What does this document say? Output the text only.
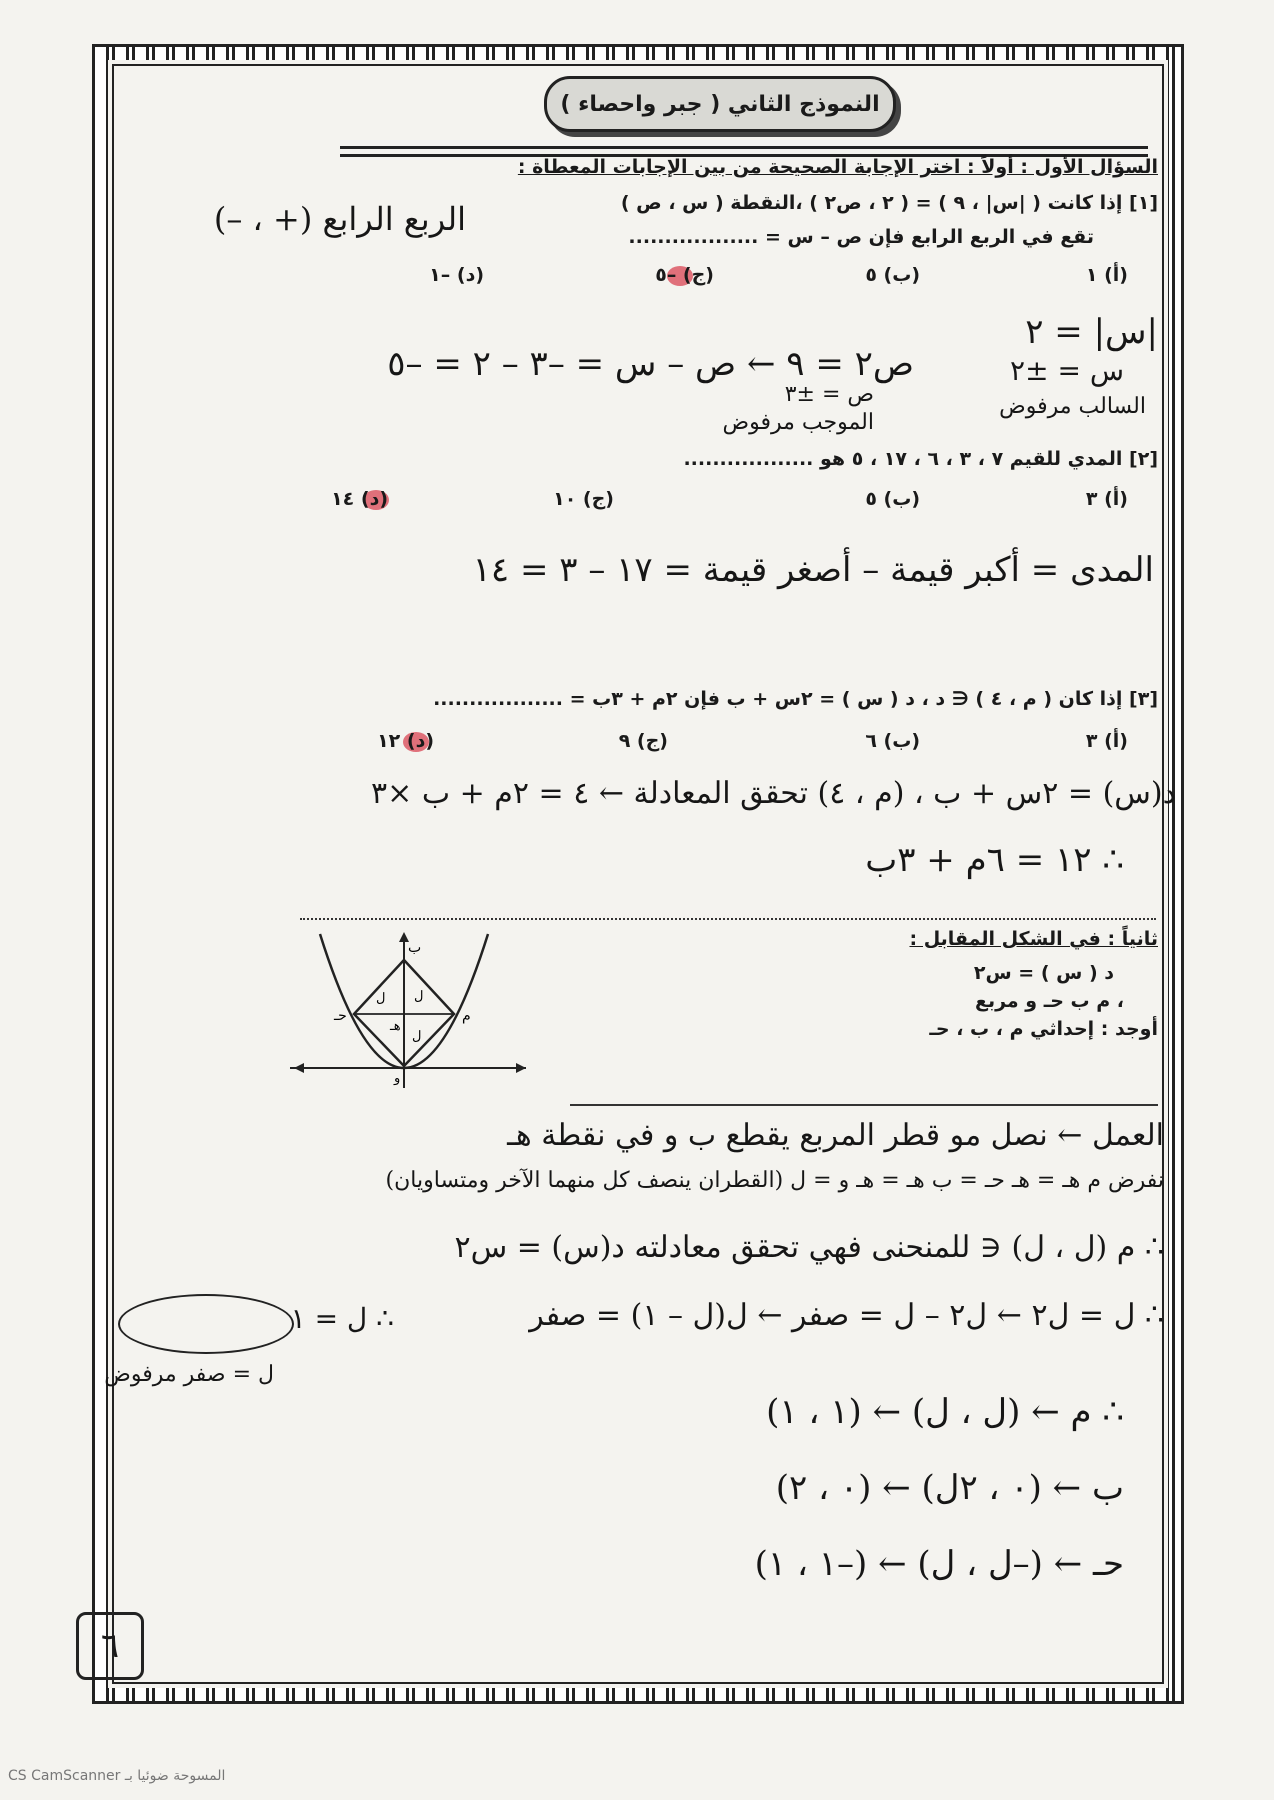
النموذج الثاني ( جبر واحصاء )
السؤال الأول : أولاً : اختر الإجابة الصحيحة من بين الإجابات المعطاة :
[١] إذا كانت ( |س| ، ٩ ) = ( ٢ ، ص٢ ) ،النقطة ( س ، ص )
تقع في الربع الرابع فإن ص – س = ..................
الربع الرابع (+ ، –)
(أ) ١
(ب) ٥
(ج) –٥
(د) –١
|س| = ٢
ص٢ = ٩ ← ص – س = –٣ – ٢ = –٥	س = ±٢
السالب مرفوض
ص = ±٣
الموجب مرفوض
[٢] المدي للقيم ٧ ، ٣ ، ٦ ، ١٧ ، ٥ هو ..................
(أ) ٣
(ب) ٥
(ج) ١٠
(د) ١٤
المدى = أكبر قيمة – أصغر قيمة = ١٧ – ٣ = ١٤
[٣] إذا كان ( م ، ٤ ) ∈ د ، د ( س ) = ٢س + ب فإن ٢م + ٣ب = ..................
(أ) ٣
(ب) ٦
(ج) ٩
(د) ١٢
د(س) = ٢س + ب ، (م ، ٤) تحقق المعادلة ← ٤ = ٢م + ب ×٣
∴ ١٢ = ٦م + ٣ب
ثانياً : في الشكل المقابل :
د ( س ) = س٢
، م ب حـ و مربع
أوجد : إحداثي م ، ب ، حـ
ب
م
حـ
هـ
ل
ل
ل
و
العمل ← نصل مو قطر المربع يقطع ب و في نقطة هـ
نفرض م هـ = هـ حـ = ب هـ = هـ و = ل (القطران ينصف كل منهما الآخر ومتساويان)
∴ م (ل ، ل) ∈ للمنحنى فهي تحقق معادلته د(س) = س٢
∴ ل = ل٢ ← ل٢ – ل = صفر ← ل(ل – ١) = صفر
∴ ل = ١
ل = صفر مرفوض
∴ م ← (ل ، ل) ← (١ ، ١)
ب ← (٠ ، ٢ل) ← (٠ ، ٢)
حـ ← (–ل ، ل) ← (–١ ، ١)
٦
CS CamScanner المسوحة ضوئيا بـ
